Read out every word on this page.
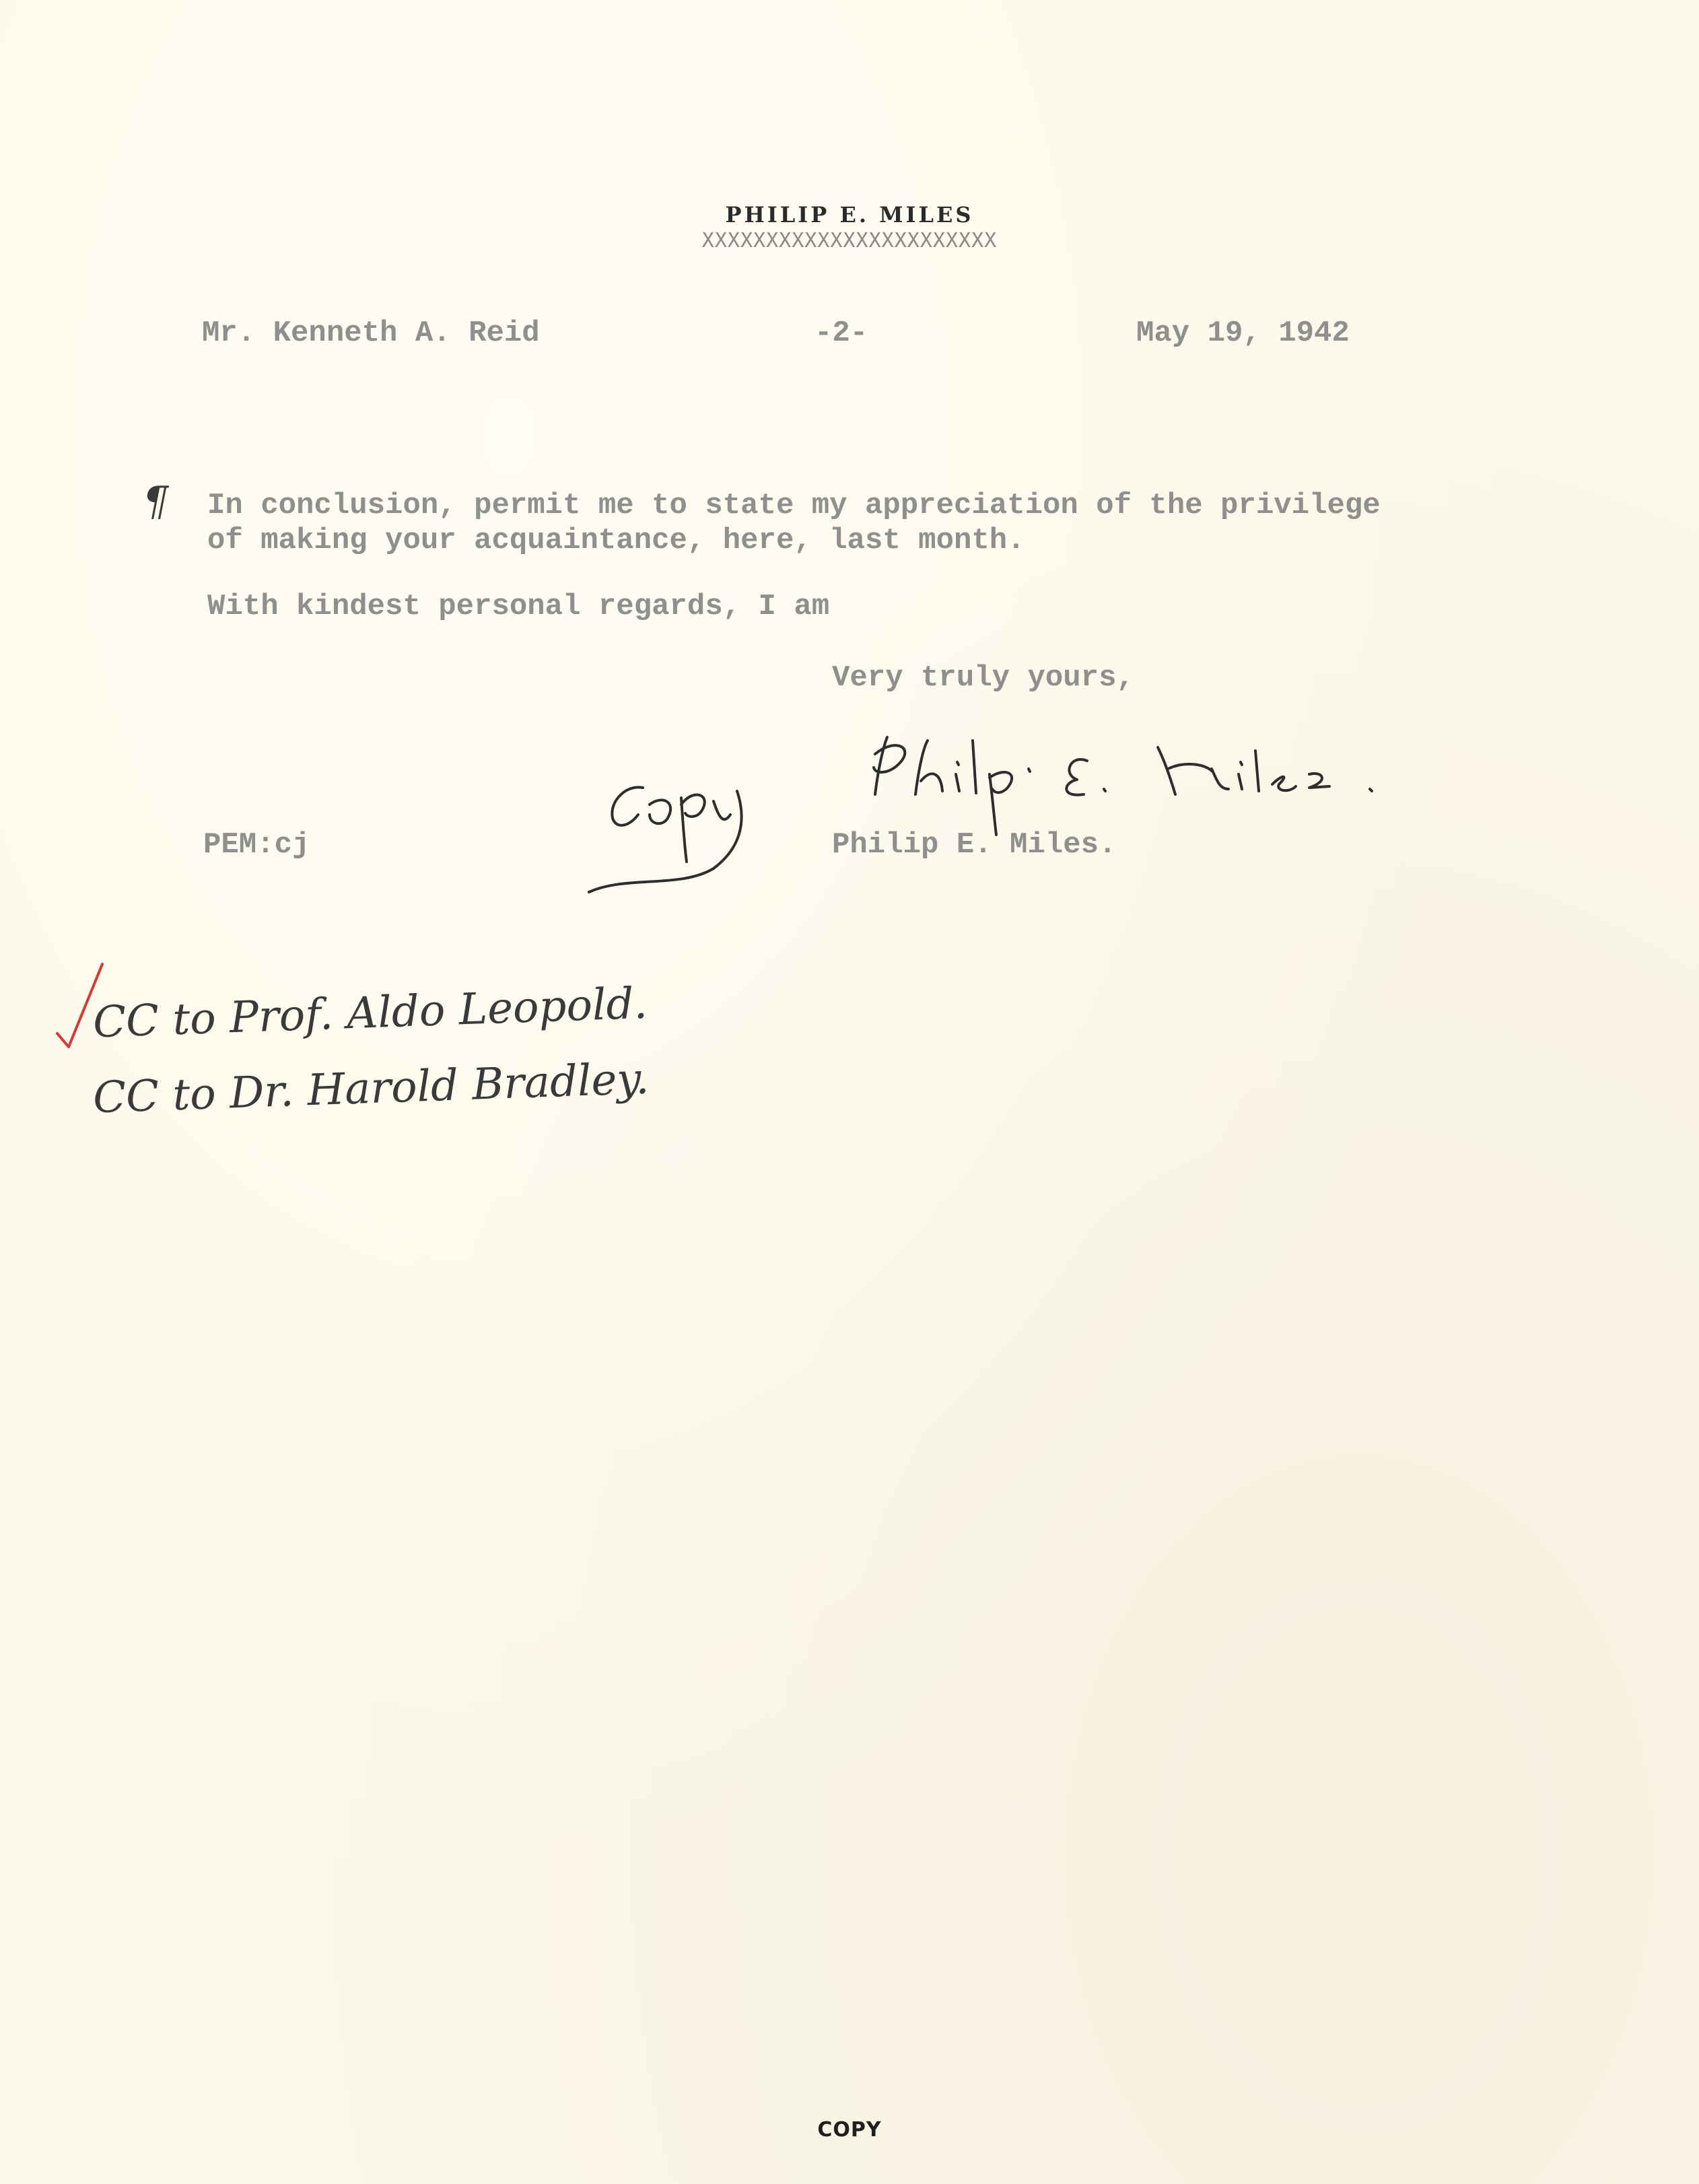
PHILIP E. MILES
XXXXXXXXXXXXXXXXXXXXXXX
Mr. Kenneth A. Reid	-2-	May 19, 1942
¶ In conclusion, permit me to state my appreciation of the privilege
of making your acquaintance, here, last month.
With kindest personal regards, I am
Very truly yours,
PEM:cj	Philip E. Miles.
CC to Prof. Aldo Leopold.
CC to Dr. Harold Bradley.
COPY
